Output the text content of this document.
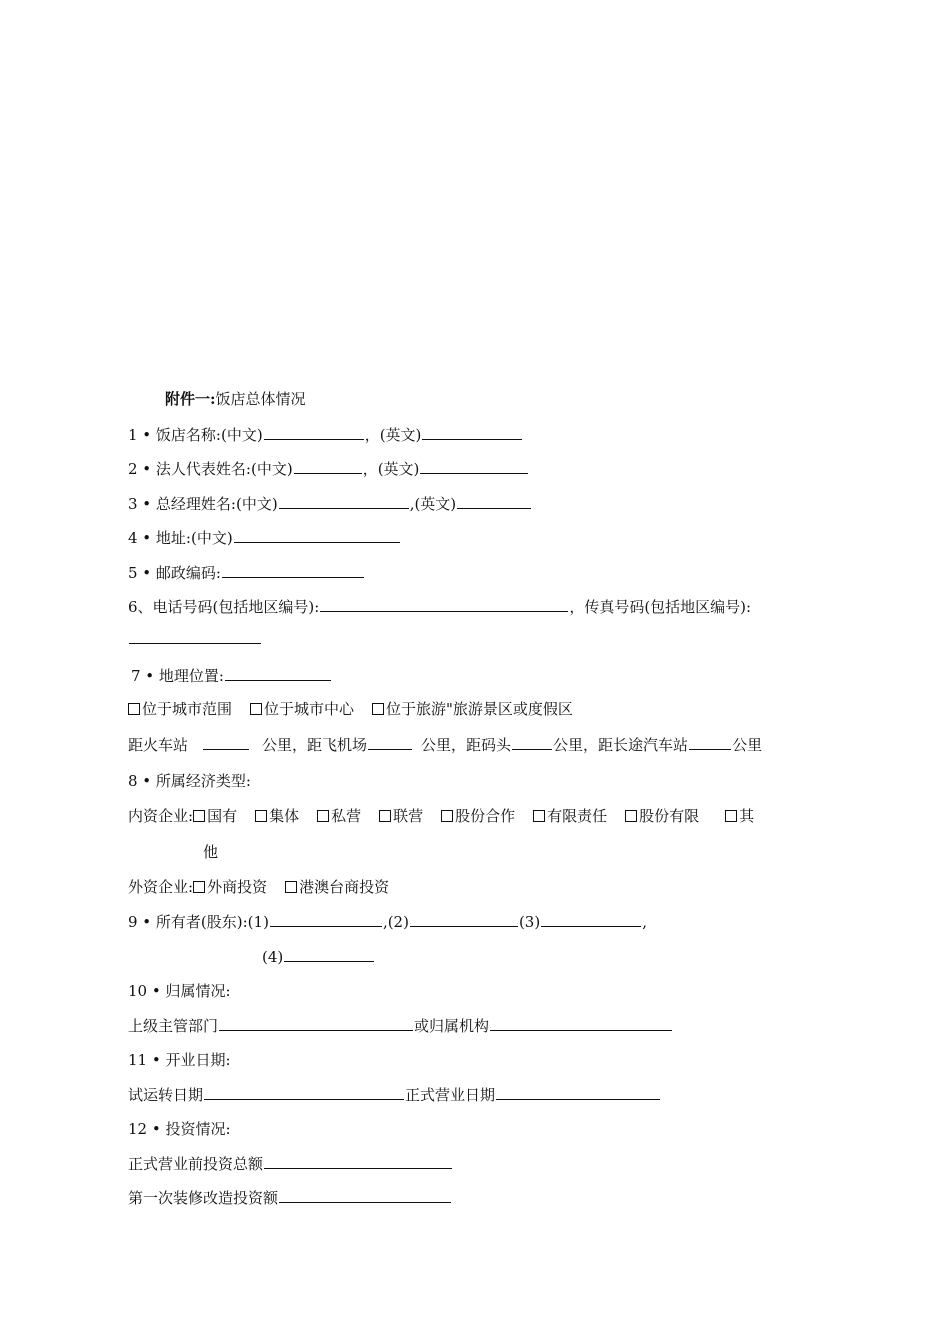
附件一:饭店总体情况
1 • 饭店名称:(中文)	，(英文)
2 • 法人代表姓名:(中文)	，(英文)
3 • 总经理姓名:(中文)	,(英文)
4 • 地址:(中文)
5 • 邮政编码:
6、电话号码(包括地区编号):	，传真号码(包括地区编号):
7 • 地理位置:
位于城市范围 位于城市中心 位于旅游"旅游景区或度假区
距火车站	公里，距飞机场	公里，距码头	公里，距长途汽车站	公里
8 • 所属经济类型:
内资企业: 国有 集体 私营 联营 股份合作 有限责任 股份有限	其
他
外资企业: 外商投资 港澳台商投资
9 • 所有者(股东):(1)	,(2)	(3)	,
(4)
10 • 归属情况:
上级主管部门	或归属机构
11 • 开业日期:
试运转日期	正式营业日期
12 • 投资情况:
正式营业前投资总额
第一次装修改造投资额
